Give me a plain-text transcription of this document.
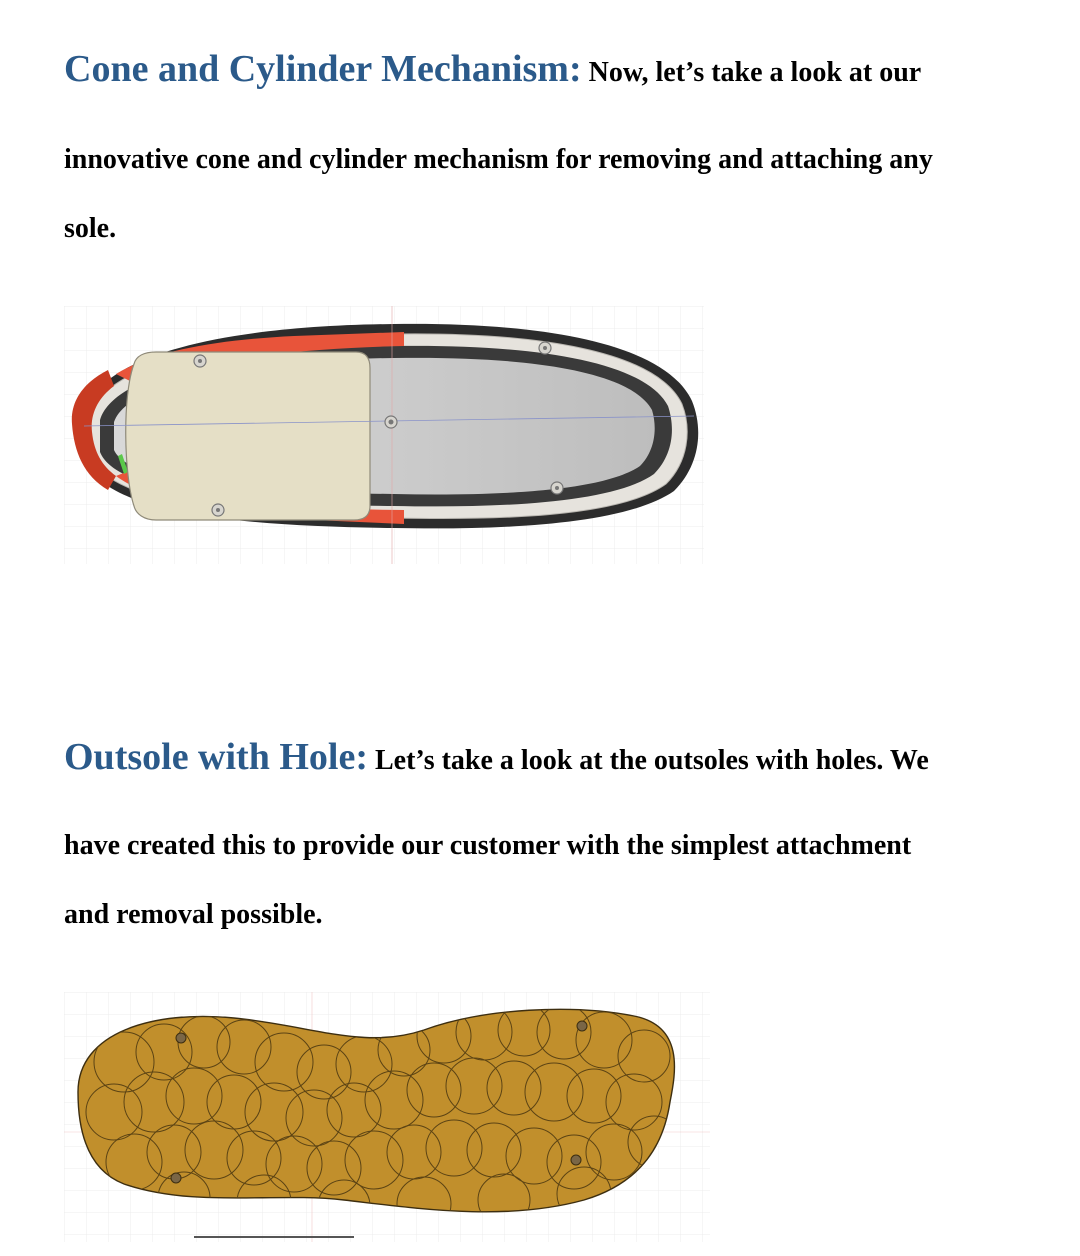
Cone and Cylinder Mechanism: Now, let’s take a look at our
innovative cone and cylinder mechanism for removing and attaching any
sole.
Outsole with Hole: Let’s take a look at the outsoles with holes. We
have created this to provide our customer with the simplest attachment
and removal possible.
